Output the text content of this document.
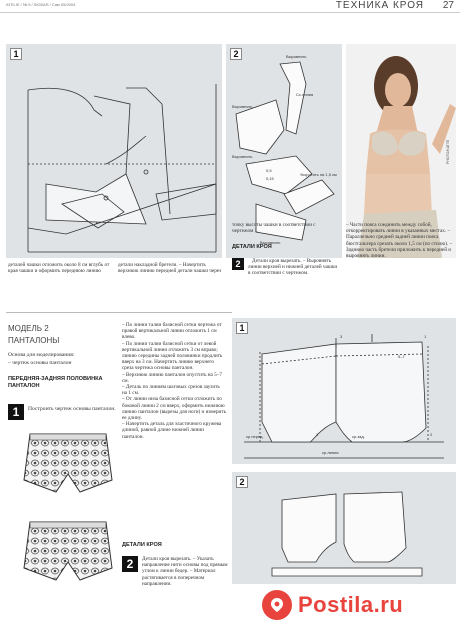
ATELIE / № 9 / ЛЮБАЯ / Сам 05/2004	ТЕХНИКА КРОЯ 27
1	2	Выровнять
Выровнять
Сс.линия
Выровнять
0,5
0,15
Укоротить на 1,5 см
Выровнять
PHOTO/KATTE
деталей чашки отложить около 8 см вглубь от края чашки и оформить переднюю линию
детали накладной бретели. – Начертить верхнюю линию передней детали чашки через
точку высоты чашки в соответствии с чертежом 1.
ДЕТАЛИ КРОЯ
2	Детали кроя вырезать. – Выровнять линии верхней и нижней деталей чашки в соответствии с чертежом.
– Части пояса соединить между собой, откорректировать линии в указанных местах. – Параллельно средней задней линии пояса бюстгальтера срезать около 1,5 см (по стилю). – Заднюю часть бретели приложить к передней и выровнять линии.
МОДЕЛЬ 2
ПАНТАЛОНЫ
Основа для моделирования:
– чертеж основы панталон
ПЕРЕДНЯЯ-ЗАДНЯЯ ПОЛОВИНКА ПАНТАЛОН
1	Построить чертеж основы панталон.

– По линии талии базисной сетки чертежа от правой вертикальной линии отложить 1 см влево.

– По линии талии базисной сетки от левой вертикальной линии отложить 3 см вправо; линию середины задней половинки продлить вверх на 3 см. Начертить линию верхнего среза чертежа основы панталон.

– Верхнюю линию панталон опустить на 5–7 см.

– Деталь по линиям шаговых срезов заузить на 1 см.

– От линии низа базисной сетки отложить по боковой линии 2 см вверх, оформить нижнюю линию панталон (вырезы для ноги) и измерить ее длину.

– Начертить деталь для эластичного кружева длиной, равной длине нижней линии панталон.

ДЕТАЛИ КРОЯ
2	Детали кроя вырезать. – Указать направление нити основы под прямым углом к линии бедер. – Материал растягивается в поперечном направлении.
1
5–7
1
3
1	2
ср.перед.	ср.зад.
ср.линия
2
Postila.ru
